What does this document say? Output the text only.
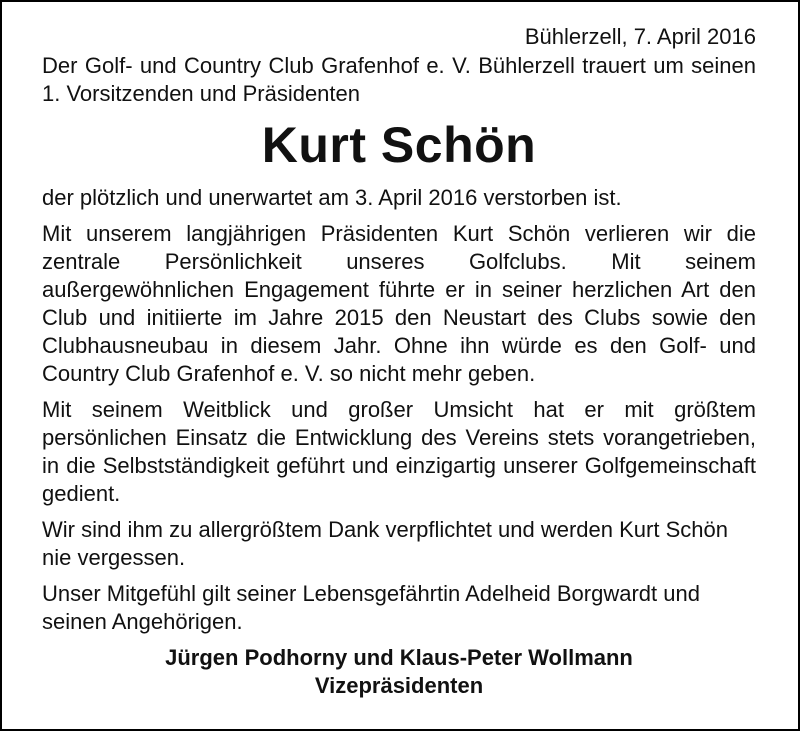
Bühlerzell, 7. April 2016

Der Golf- und Country Club Grafenhof e. V. Bühlerzell trauert um seinen 1. Vorsitzenden und Präsidenten

Kurt Schön

der plötzlich und unerwartet am 3. April 2016 verstorben ist.

Mit unserem langjährigen Präsidenten Kurt Schön verlieren wir die zentrale Persönlichkeit unseres Golfclubs. Mit seinem außergewöhnlichen Engagement führte er in seiner herzlichen Art den Club und initiierte im Jahre 2015 den Neustart des Clubs sowie den Clubhausneubau in diesem Jahr. Ohne ihn würde es den Golf- und Country Club Grafenhof e. V. so nicht mehr geben.

Mit seinem Weitblick und großer Umsicht hat er mit größtem persönlichen Einsatz die Entwicklung des Vereins stets vorangetrieben, in die Selbstständigkeit geführt und einzigartig unserer Golfgemeinschaft gedient.

Wir sind ihm zu allergrößtem Dank verpflichtet und werden Kurt Schön nie vergessen.

Unser Mitgefühl gilt seiner Lebensgefährtin Adelheid Borgwardt und seinen Angehörigen.

Jürgen Podhorny und Klaus-Peter Wollmann
Vizepräsidenten
